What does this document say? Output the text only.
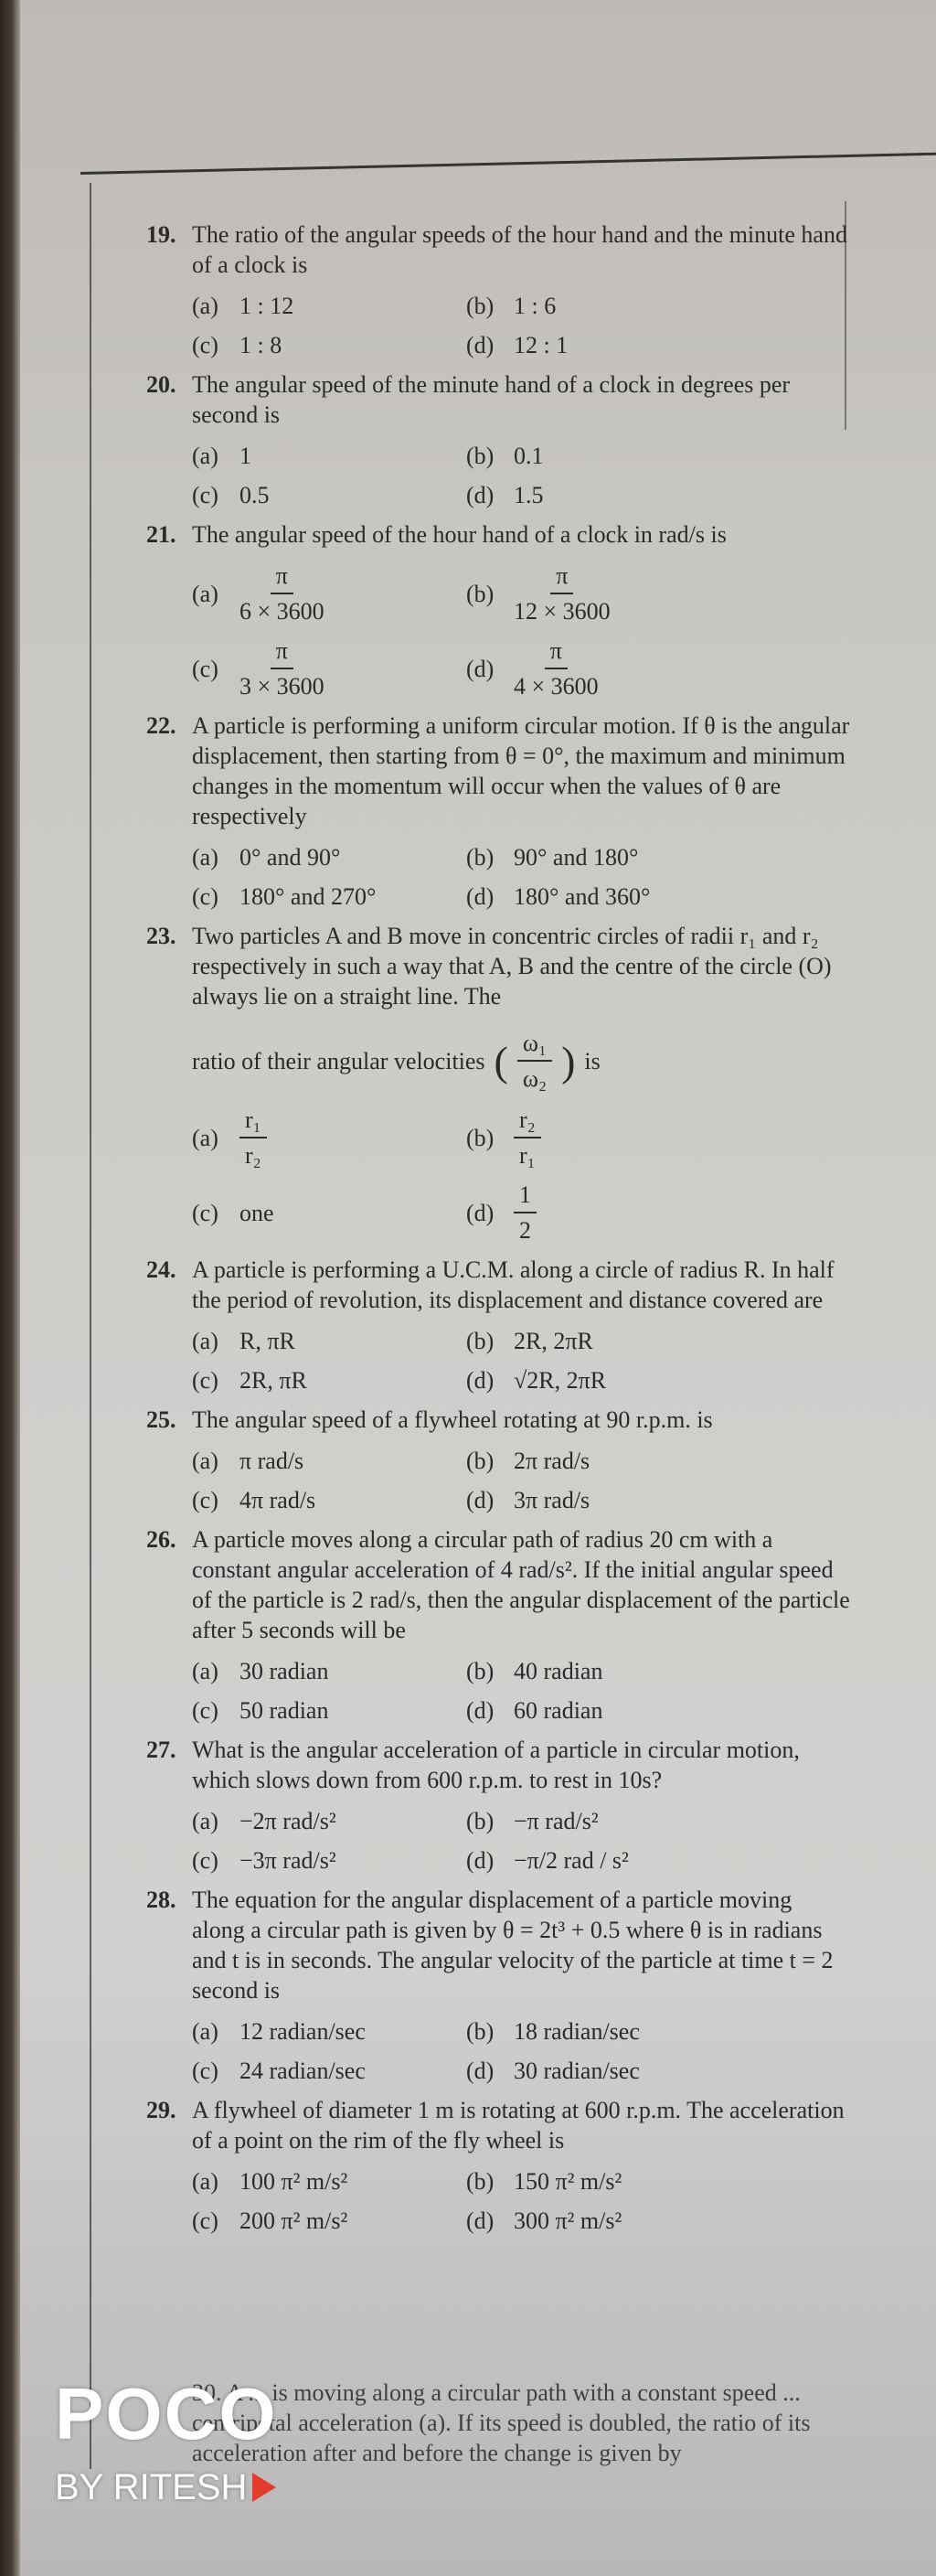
19. The ratio of the angular speeds of the hour hand and the minute hand of a clock is
(a) 1 : 12	(b) 1 : 6
(c) 1 : 8	(d) 12 : 1
20. The angular speed of the minute hand of a clock in degrees per second is
(a) 1	(b) 0.1
(c) 0.5	(d) 1.5
21. The angular speed of the hour hand of a clock in rad/s is
$(a) \frac{\pi}{6 \times 3600}$	$(b) \frac{\pi}{12 \times 3600}$
$(c) \frac{\pi}{3 \times 3600}$	$(d) \frac{\pi}{4 \times 3600}$
22. A particle is performing a uniform circular motion. If θ is the angular displacement, then starting from θ = 0°, the maximum and minimum changes in the momentum will occur when the values of θ are respectively
(a) 0° and 90°	(b) 90° and 180°
(c) 180° and 270°	(d) 180° and 360°
23. Two particles A and B move in concentric circles of radii r₁ and r₂ respectively in such a way that A, B and the centre of the circle (O) always lie on a straight line. The
ratio of their angular velocities ( $\frac{\text{ω₁}}{\text{ω₂}}$ ) is
$(a) \frac{\text{r₁}}{\text{r₂}}$	$(b) \frac{\text{r₂}}{\text{r₁}}$
(c) one	$(d) \frac{1}{2}$
24. A particle is performing a U.C.M. along a circle of radius R. In half the period of revolution, its displacement and distance covered are
(a) R, πR	(b) 2R, 2πR
(c) 2R, πR	(d) √2R, 2πR
25. The angular speed of a flywheel rotating at 90 r.p.m. is
(a) π rad/s	(b) 2π rad/s
(c) 4π rad/s	(d) 3π rad/s
26. A particle moves along a circular path of radius 20 cm with a constant angular acceleration of 4 rad/s². If the initial angular speed of the particle is 2 rad/s, then the angular displacement of the particle after 5 seconds will be
(a) 30 radian	(b) 40 radian
(c) 50 radian	(d) 60 radian
27. What is the angular acceleration of a particle in circular motion, which slows down from 600 r.p.m. to rest in 10s?
(a) −2π rad/s²	(b) −π rad/s²
(c) −3π rad/s²	(d) −π/2 rad / s²
28. The equation for the angular displacement of a particle moving along a circular path is given by θ = 2t³ + 0.5 where θ is in radians and t is in seconds. The angular velocity of the particle at time t = 2 second is
(a) 12 radian/sec	(b) 18 radian/sec
(c) 24 radian/sec	(d) 30 radian/sec
29. A flywheel of diameter 1 m is rotating at 600 r.p.m. The acceleration of a point on the rim of the fly wheel is
(a) 100 π² m/s²	(b) 150 π² m/s²
(c) 200 π² m/s²	(d) 300 π² m/s²
30. A ... is moving along a circular path with a constant speed ... centripetal acceleration (a). If its speed is doubled, the ratio of its acceleration after and before the change is given by
POCO
BY RITESH
